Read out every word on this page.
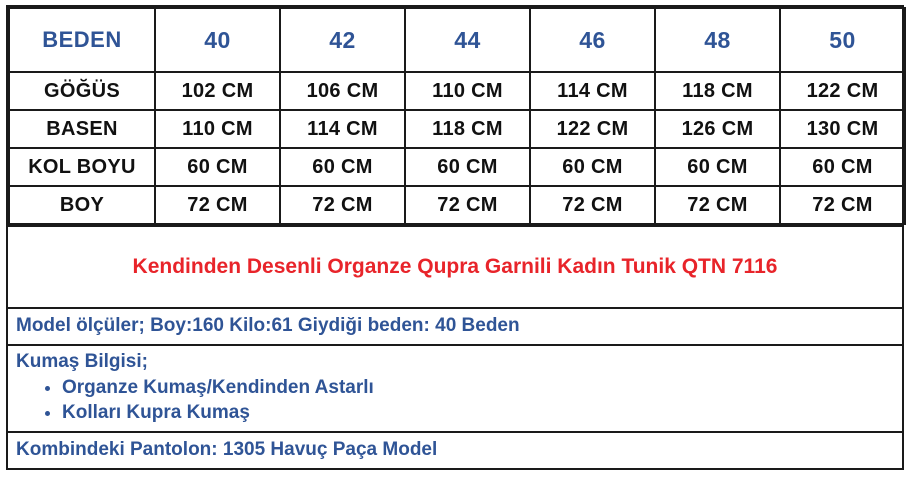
BEDEN	40	42	44	46	48	50
GÖĞÜS	102 CM	106 CM	110 CM	114 CM	118 CM	122 CM
BASEN	110 CM	114 CM	118 CM	122 CM	126 CM	130 CM
KOL BOYU	60 CM	60 CM	60 CM	60 CM	60 CM	60 CM
BOY	72 CM	72 CM	72 CM	72 CM	72 CM	72 CM
Kendinden Desenli Organze Qupra Garnili Kadın Tunik QTN 7116
Model ölçüler; Boy:160 Kilo:61 Giydiği beden: 40 Beden
Kumaş Bilgisi;
• Organze Kumaş/Kendinden Astarlı
• Kolları Kupra Kumaş
Kombindeki Pantolon: 1305 Havuç Paça Model
